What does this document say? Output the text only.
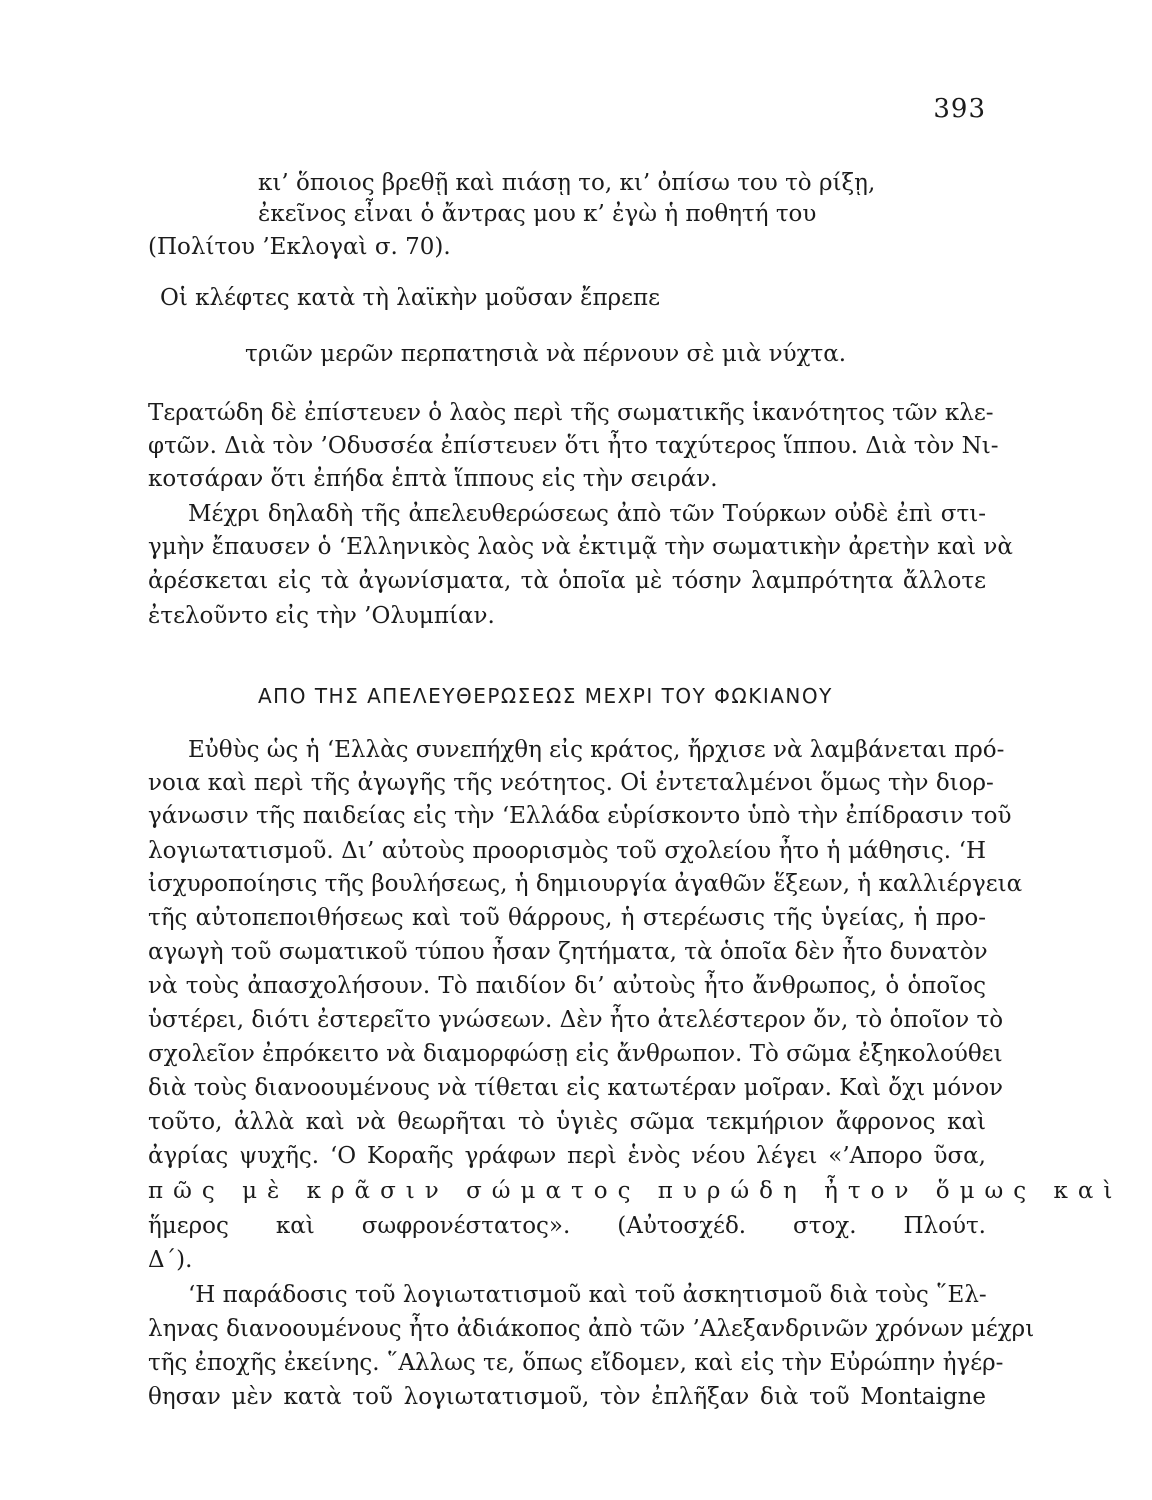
393
κι’ ὅποιος βρεθῇ καὶ πιάσῃ το, κι’ ὀπίσω του τὸ ρίξῃ,
ἐκεῖνος εἶναι ὁ ἄντρας μου κ’ ἐγὼ ἡ ποθητή του
(Πολίτου ’Εκλογαὶ σ. 70).
Οἱ κλέφτες κατὰ τὴ λαϊκὴν μοῦσαν ἔπρεπε
τριῶν μερῶν περπατησιὰ νὰ πέρνουν σὲ μιὰ νύχτα.
Τερατώδη δὲ ἐπίστευεν ὁ λαὸς περὶ τῆς σωματικῆς ἱκανότητος τῶν κλε-
φτῶν. Διὰ τὸν ’Οδυσσέα ἐπίστευεν ὅτι ἦτο ταχύτερος ἵππου. Διὰ τὸν Νι-
κοτσάραν ὅτι ἐπήδα ἑπτὰ ἵππους εἰς τὴν σειράν.
Μέχρι δηλαδὴ τῆς ἀπελευθερώσεως ἀπὸ τῶν Τούρκων οὐδὲ ἐπὶ στι-
γμὴν ἔπαυσεν ὁ ‘Ελληνικὸς λαὸς νὰ ἐκτιμᾷ τὴν σωματικὴν ἀρετὴν καὶ νὰ
ἀρέσκεται εἰς τὰ ἀγωνίσματα, τὰ ὁποῖα μὲ τόσην λαμπρότητα ἄλλοτε
ἐτελοῦντο εἰς τὴν ’Ολυμπίαν.
ΑΠΟ ΤΗΣ ΑΠΕΛΕΥΘΕΡΩΣΕΩΣ ΜΕΧΡΙ ΤΟΥ ΦΩΚΙΑΝΟΥ
Εὐθὺς ὡς ἡ ‘Ελλὰς συνεπήχθη εἰς κράτος, ἤρχισε νὰ λαμβάνεται πρό-
νοια καὶ περὶ τῆς ἀγωγῆς τῆς νεότητος. Οἱ ἐντεταλμένοι ὅμως τὴν διορ-
γάνωσιν τῆς παιδείας εἰς τὴν ‘Ελλάδα εὑρίσκοντο ὑπὸ τὴν ἐπίδρασιν τοῦ
λογιωτατισμοῦ. Δι’ αὐτοὺς προορισμὸς τοῦ σχολείου ἦτο ἡ μάθησις. ‘Η
ἰσχυροποίησις τῆς βουλήσεως, ἡ δημιουργία ἀγαθῶν ἕξεων, ἡ καλλιέργεια
τῆς αὐτοπεποιθήσεως καὶ τοῦ θάρρους, ἡ στερέωσις τῆς ὑγείας, ἡ προ-
αγωγὴ τοῦ σωματικοῦ τύπου ἦσαν ζητήματα, τὰ ὁποῖα δὲν ἦτο δυνατὸν
νὰ τοὺς ἀπασχολήσουν. Τὸ παιδίον δι’ αὐτοὺς ἦτο ἄνθρωπος, ὁ ὁποῖος
ὑστέρει, διότι ἐστερεῖτο γνώσεων. Δὲν ἦτο ἀτελέστερον ὄν, τὸ ὁποῖον τὸ
σχολεῖον ἐπρόκειτο νὰ διαμορφώσῃ εἰς ἄνθρωπον. Τὸ σῶμα ἐξηκολούθει
διὰ τοὺς διανοουμένους νὰ τίθεται εἰς κατωτέραν μοῖραν. Καὶ ὄχι μόνον
τοῦτο, ἀλλὰ καὶ νὰ θεωρῆται τὸ ὑγιὲς σῶμα τεκμήριον ἄφρονος καὶ
ἀγρίας ψυχῆς. ‘Ο Κοραῆς γράφων περὶ ἑνὸς νέου λέγει «’Απορο ῦσα,
πῶς μὲ κρᾶσιν σώματος πυρώδη ἦτον ὅμως καὶ
ἥμερος καὶ σωφρονέστατος». (Αὐτοσχέδ. στοχ. Πλούτ.
Δ΄).
‘Η παράδοσις τοῦ λογιωτατισμοῦ καὶ τοῦ ἀσκητισμοῦ διὰ τοὺς ῞Ελ-
ληνας διανοουμένους ἦτο ἀδιάκοπος ἀπὸ τῶν ’Αλεξανδρινῶν χρόνων μέχρι
τῆς ἐποχῆς ἐκείνης. ῞Αλλως τε, ὅπως εἴδομεν, καὶ εἰς τὴν Εὐρώπην ἠγέρ-
θησαν μὲν κατὰ τοῦ λογιωτατισμοῦ, τὸν ἐπλῆξαν διὰ τοῦ Montaigne
